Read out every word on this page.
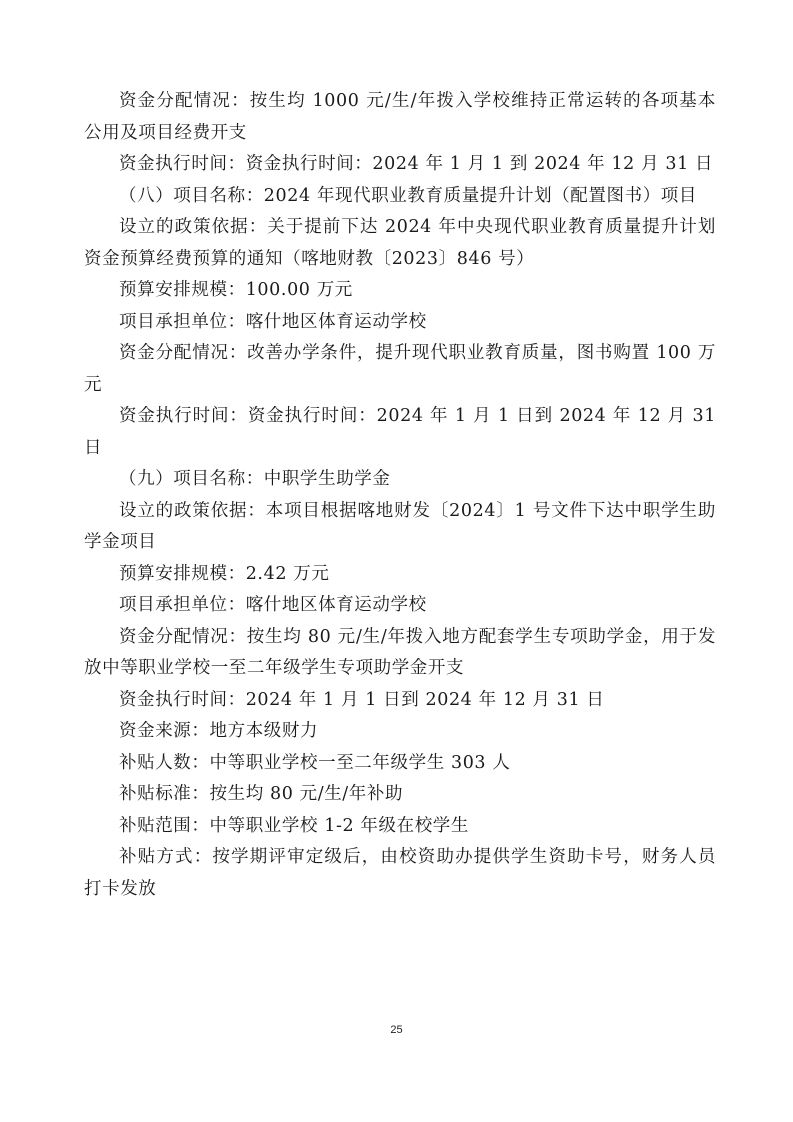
资金分配情况：按生均 1000 元/生/年拨入学校维持正常运转的各项基本公用及项目经费开支

资金执行时间：资金执行时间：2024 年 1 月 1 到 2024 年 12 月 31 日

（八）项目名称：2024 年现代职业教育质量提升计划（配置图书）项目

设立的政策依据：关于提前下达 2024 年中央现代职业教育质量提升计划资金预算经费预算的通知（喀地财教〔2023〕846 号）

预算安排规模：100.00 万元

项目承担单位：喀什地区体育运动学校

资金分配情况：改善办学条件，提升现代职业教育质量，图书购置 100 万元

资金执行时间：资金执行时间：2024 年 1 月 1 日到 2024 年 12 月 31 日

（九）项目名称：中职学生助学金

设立的政策依据：本项目根据喀地财发〔2024〕1 号文件下达中职学生助学金项目

预算安排规模：2.42 万元

项目承担单位：喀什地区体育运动学校

资金分配情况：按生均 80 元/生/年拨入地方配套学生专项助学金，用于发放中等职业学校一至二年级学生专项助学金开支

资金执行时间：2024 年 1 月 1 日到 2024 年 12 月 31 日

资金来源：地方本级财力

补贴人数：中等职业学校一至二年级学生 303 人

补贴标准：按生均 80 元/生/年补助

补贴范围：中等职业学校 1-2 年级在校学生

补贴方式：按学期评审定级后，由校资助办提供学生资助卡号，财务人员打卡发放

25
